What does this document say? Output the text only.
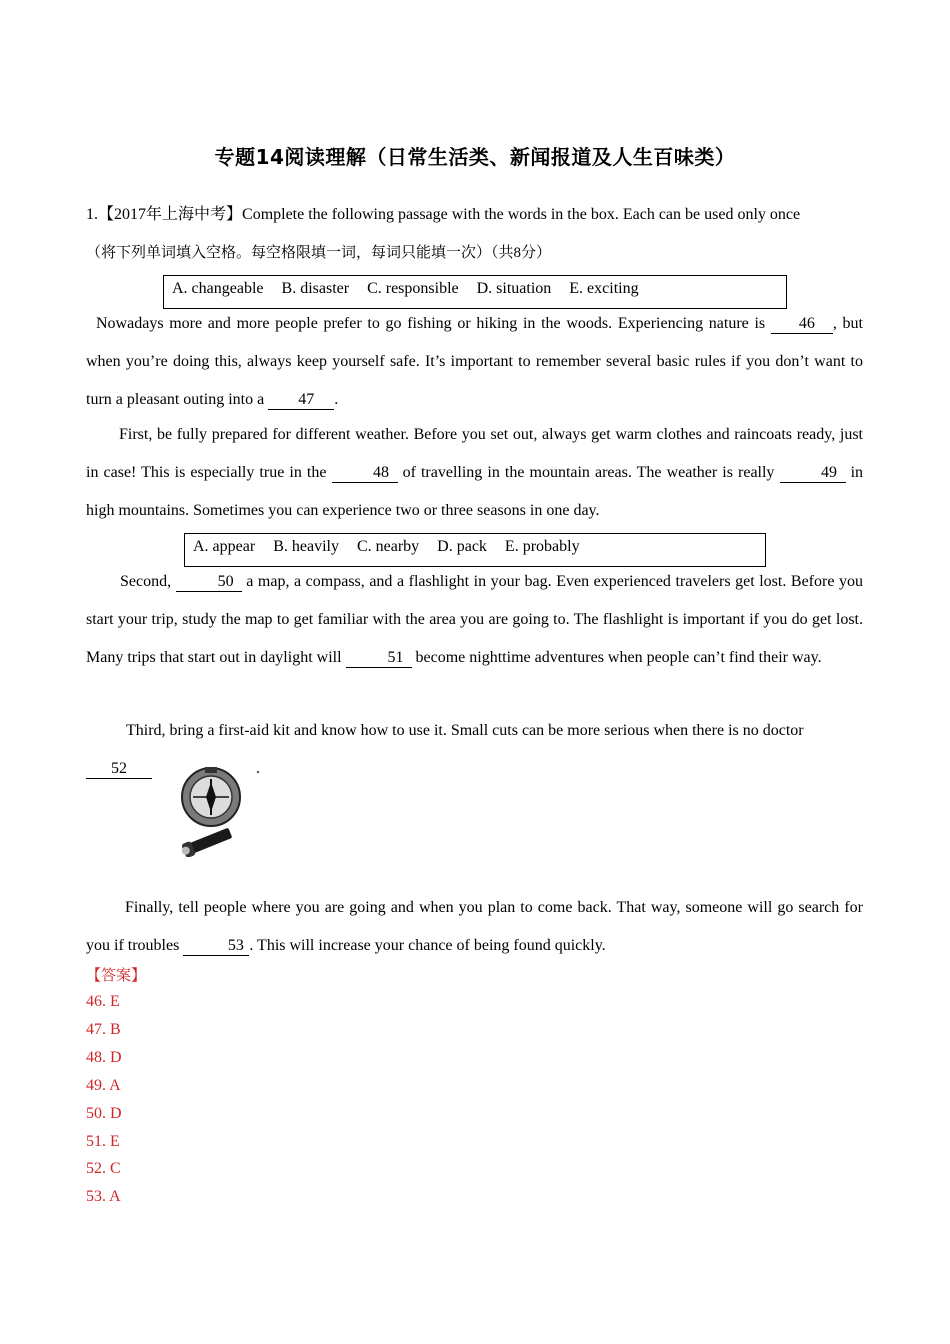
专题14阅读理解（日常生活类、新闻报道及人生百味类）

1.【2017年上海中考】Complete the following passage with the words in the box. Each can be used only once
（将下列单词填入空格。每空格限填一词，每词只能填一次）（共8分）

A. changeable B. disaster C. responsible D. situation E. exciting

Nowadays more and more people prefer to go fishing or hiking in the woods. Experiencing nature is 46 , but when you’re doing this, always keep yourself safe. It’s important to remember several basic rules if you don’t want to turn a pleasant outing into a 47 .

First, be fully prepared for different weather. Before you set out, always get warm clothes and raincoats ready, just in case! This is especially true in the	48 of travelling in the mountain areas. The weather is really	49 in high mountains. Sometimes you can experience two or three seasons in one day.

A. appear B. heavily C. nearby D. pack E. probably

Second,	50 a map, a compass, and a flashlight in your bag. Even experienced travelers get lost. Before you start your trip, study the map to get familiar with the area you are going to. The flashlight is important if you do get lost. Many trips that start out in daylight will	51 become nighttime adventures when people can’t find their way.

Third, bring a first-aid kit and know how to use it. Small cuts can be more serious when there is no doctor
52	.

Finally, tell people where you are going and when you plan to come back. That way, someone will go search for you if troubles	53 . This will increase your chance of being found quickly.

【答案】
46. E
47. B
48. D
49. A
50. D
51. E
52. C
53. A
